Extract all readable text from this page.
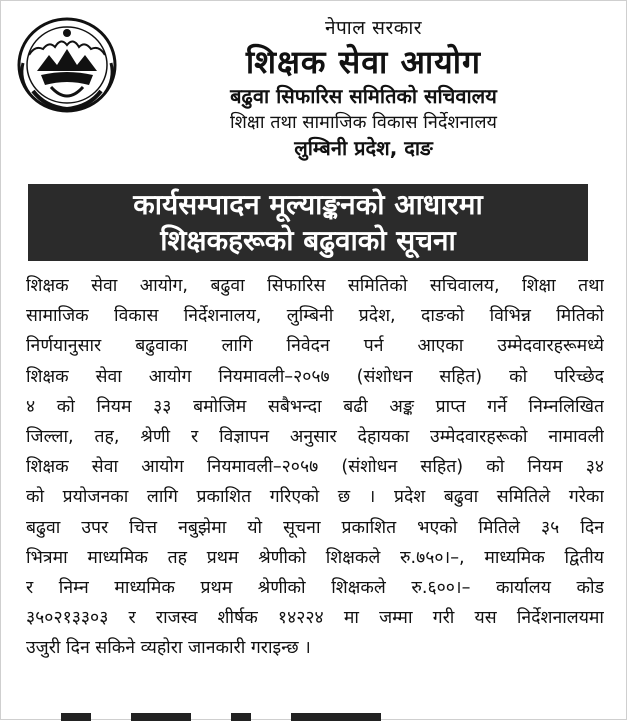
नेपाल सरकार
शिक्षक सेवा आयोग
बढुवा सिफारिस समितिको सचिवालय
शिक्षा तथा सामाजिक विकास निर्देशनालय
लुम्बिनी प्रदेश, दाङ
कार्यसम्पादन मूल्याङ्कनको आधारमा
शिक्षकहरूको बढुवाको सूचना
शिक्षक सेवा आयोग, बढुवा सिफारिस समितिको सचिवालय, शिक्षा तथा
सामाजिक विकास निर्देशनालय, लुम्बिनी प्रदेश, दाङको विभिन्न मितिको
निर्णयानुसार बढुवाका लागि निवेदन पर्न आएका उम्मेदवारहरूमध्ये
शिक्षक सेवा आयोग नियमावली–२०५७ (संशोधन सहित) को परिच्छेद
४ को नियम ३३ बमोजिम सबैभन्दा बढी अङ्क प्राप्त गर्ने निम्नलिखित
जिल्ला, तह, श्रेणी र विज्ञापन अनुसार देहायका उम्मेदवारहरूको नामावली
शिक्षक सेवा आयोग नियमावली–२०५७ (संशोधन सहित) को नियम ३४
को प्रयोजनका लागि प्रकाशित गरिएको छ । प्रदेश बढुवा समितिले गरेका
बढुवा उपर चित्त नबुझेमा यो सूचना प्रकाशित भएको मितिले ३५ दिन
भित्रमा माध्यमिक तह प्रथम श्रेणीको शिक्षकले रु.७५०।–, माध्यमिक द्वितीय
र निम्न माध्यमिक प्रथम श्रेणीको शिक्षकले रु.६००।– कार्यालय कोड
३५०२१३३०३ र राजस्व शीर्षक १४२२४ मा जम्मा गरी यस निर्देशनालयमा
उजुरी दिन सकिने व्यहोरा जानकारी गराइन्छ ।
